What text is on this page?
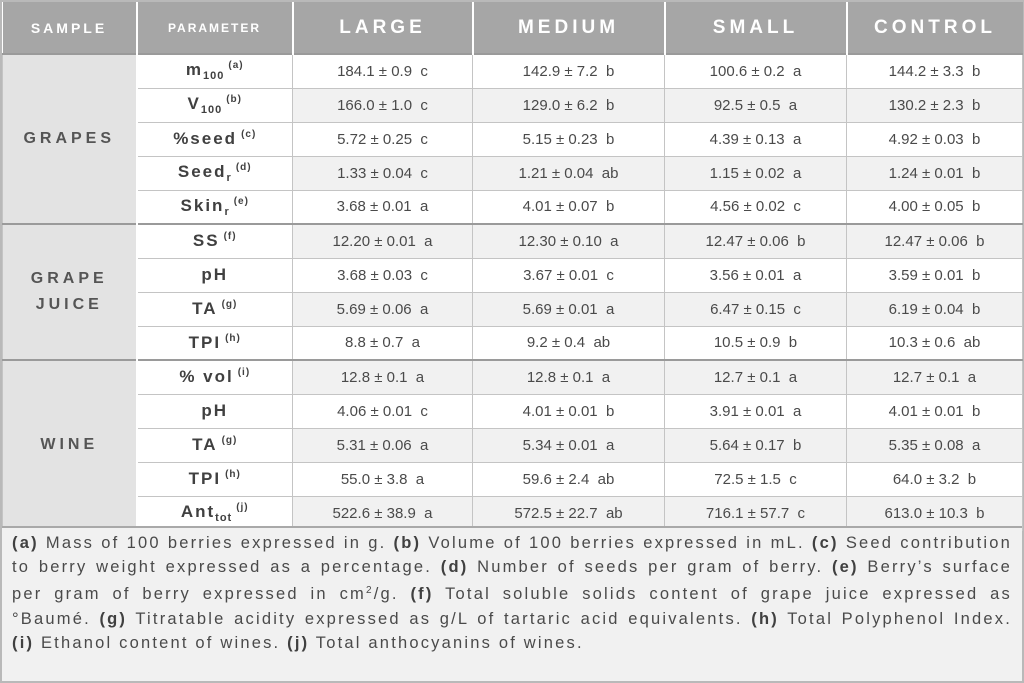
SAMPLE	PARAMETER	LARGE	MEDIUM	SMALL	CONTROL
GRAPES	$m_{100}^{(a)}$	184.1 ± 0.9  c	142.9 ± 7.2  b	100.6 ± 0.2  a	144.2 ± 3.3  b
	$V_{100}^{(b)}$	166.0 ± 1.0  c	129.0 ± 6.2  b	92.5 ± 0.5  a	130.2 ± 2.3  b
	%seed $^{(c)}$	5.72 ± 0.25  c	5.15 ± 0.23  b	4.39 ± 0.13  a	4.92 ± 0.03  b
	Seed$_r^{(d)}$	1.33 ± 0.04  c	1.21 ± 0.04  ab	1.15 ± 0.02  a	1.24 ± 0.01  b
	Skin$_r^{(e)}$	3.68 ± 0.01  a	4.01 ± 0.07  b	4.56 ± 0.02  c	4.00 ± 0.05  b
GRAPE
JUICE	SS $^{(f)}$	12.20 ± 0.01  a	12.30 ± 0.10  a	12.47 ± 0.06  b	12.47 ± 0.06  b
	pH	3.68 ± 0.03  c	3.67 ± 0.01  c	3.56 ± 0.01  a	3.59 ± 0.01  b
	TA $^{(g)}$	5.69 ± 0.06  a	5.69 ± 0.01  a	6.47 ± 0.15  c	6.19 ± 0.04  b
	TPI $^{(h)}$	8.8 ± 0.7  a	9.2 ± 0.4  ab	10.5 ± 0.9  b	10.3 ± 0.6  ab
WINE	% vol $^{(i)}$	12.8 ± 0.1  a	12.8 ± 0.1  a	12.7 ± 0.1  a	12.7 ± 0.1  a
	pH	4.06 ± 0.01  c	4.01 ± 0.01  b	3.91 ± 0.01  a	4.01 ± 0.01  b
	TA $^{(g)}$	5.31 ± 0.06  a	5.34 ± 0.01  a	5.64 ± 0.17  b	5.35 ± 0.08  a
	TPI $^{(h)}$	55.0 ± 3.8  a	59.6 ± 2.4  ab	72.5 ± 1.5  c	64.0 ± 3.2  b
	Ant$_{tot}^{(j)}$	522.6 ± 38.9  a	572.5 ± 22.7  ab	716.1 ± 57.7  c	613.0 ± 10.3  b
(a) Mass of 100 berries expressed in g. (b) Volume of 100 berries expressed in mL. (c) Seed contribution to berry weight expressed as a percentage. (d) Number of seeds per gram of berry. (e) Berry’s surface per gram of berry expressed in $cm^2/g$. (f) Total soluble solids content of grape juice expressed as °Baumé. (g) Titratable acidity expressed as g/L of tartaric acid equivalents. (h) Total Polyphenol Index. (i) Ethanol content of wines. (j) Total anthocyanins of wines.
